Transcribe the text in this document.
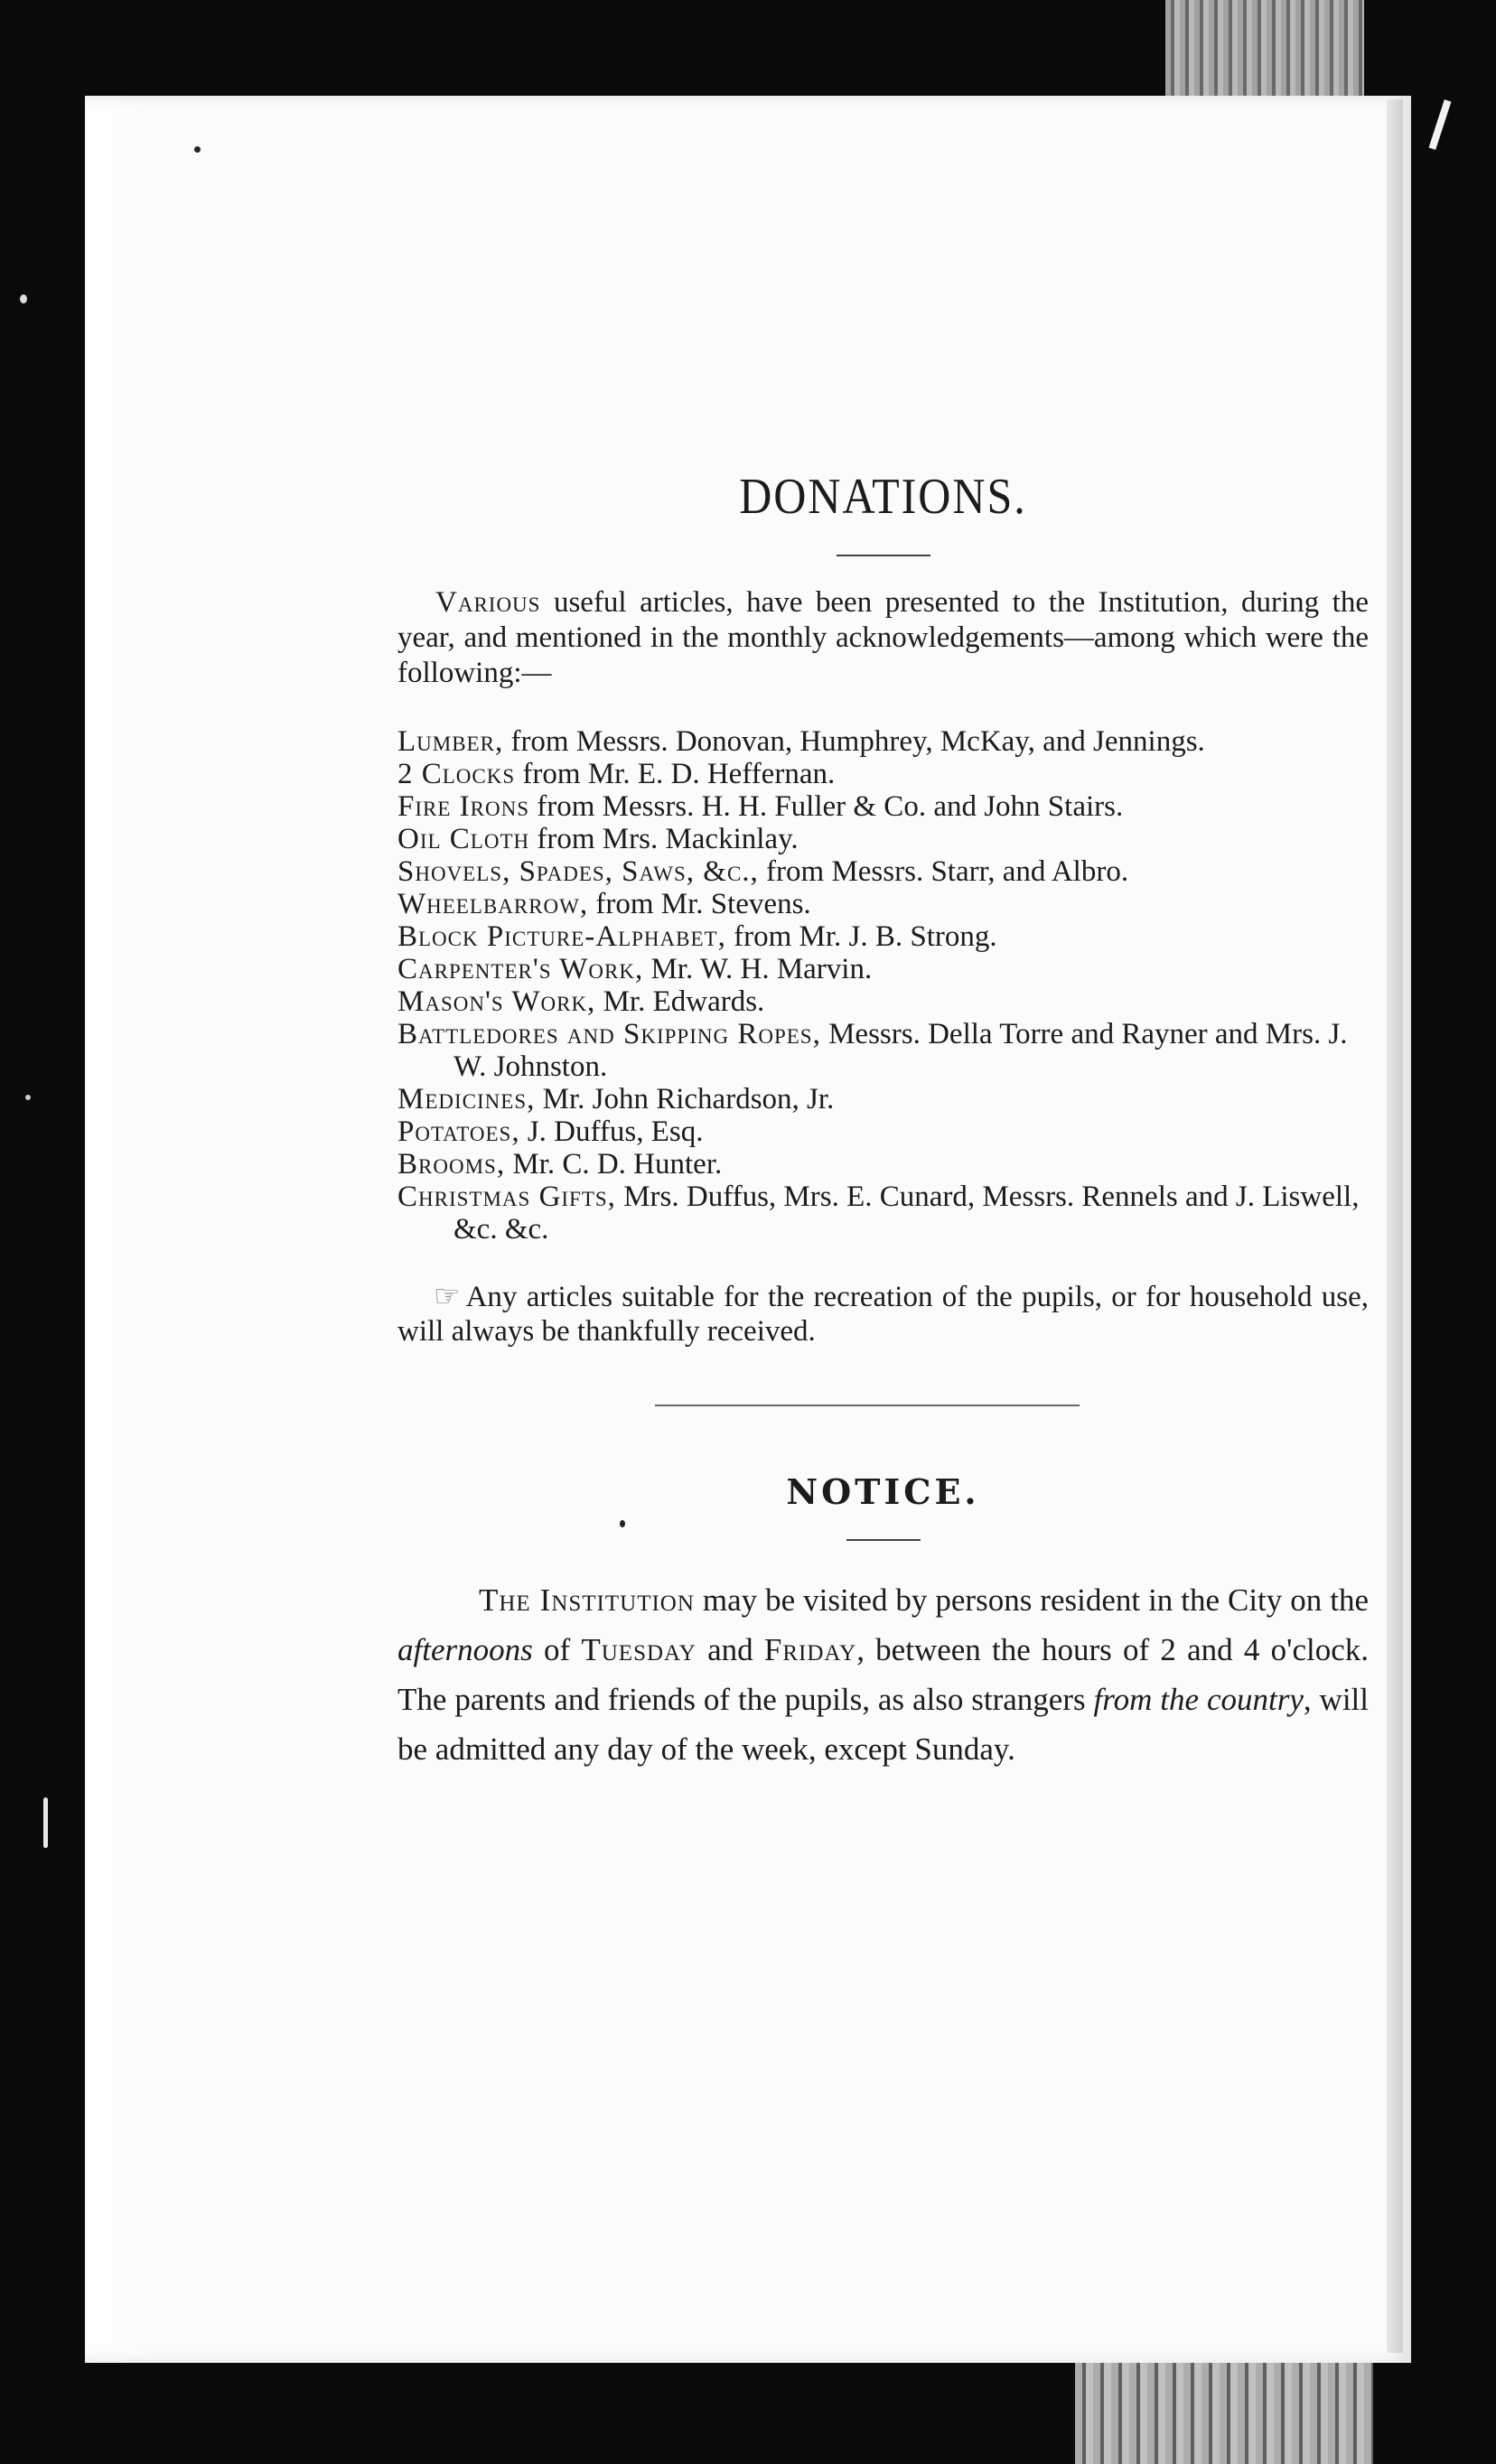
DONATIONS.

Various useful articles, have been presented to the Institution, during the year, and mentioned in the monthly acknowledgements—among which were the following:—

Lumber, from Messrs. Donovan, Humphrey, McKay, and Jennings.
2 Clocks from Mr. E. D. Heffernan.
Fire Irons from Messrs. H. H. Fuller & Co. and John Stairs.
Oil Cloth from Mrs. Mackinlay.
Shovels, Spades, Saws, &c., from Messrs. Starr, and Albro.
Wheelbarrow, from Mr. Stevens.
Block Picture-Alphabet, from Mr. J. B. Strong.
Carpenter's Work, Mr. W. H. Marvin.
Mason's Work, Mr. Edwards.
Battledores and Skipping Ropes, Messrs. Della Torre and Rayner and Mrs. J. W. Johnston.
Medicines, Mr. John Richardson, Jr.
Potatoes, J. Duffus, Esq.
Brooms, Mr. C. D. Hunter.
Christmas Gifts, Mrs. Duffus, Mrs. E. Cunard, Messrs. Rennels and J. Liswell, &c. &c.

☞ Any articles suitable for the recreation of the pupils, or for household use, will always be thankfully received.

NOTICE.

The Institution may be visited by persons resident in the City on the afternoons of Tuesday and Friday, between the hours of 2 and 4 o'clock. The parents and friends of the pupils, as also strangers from the country, will be admitted any day of the week, except Sunday.
